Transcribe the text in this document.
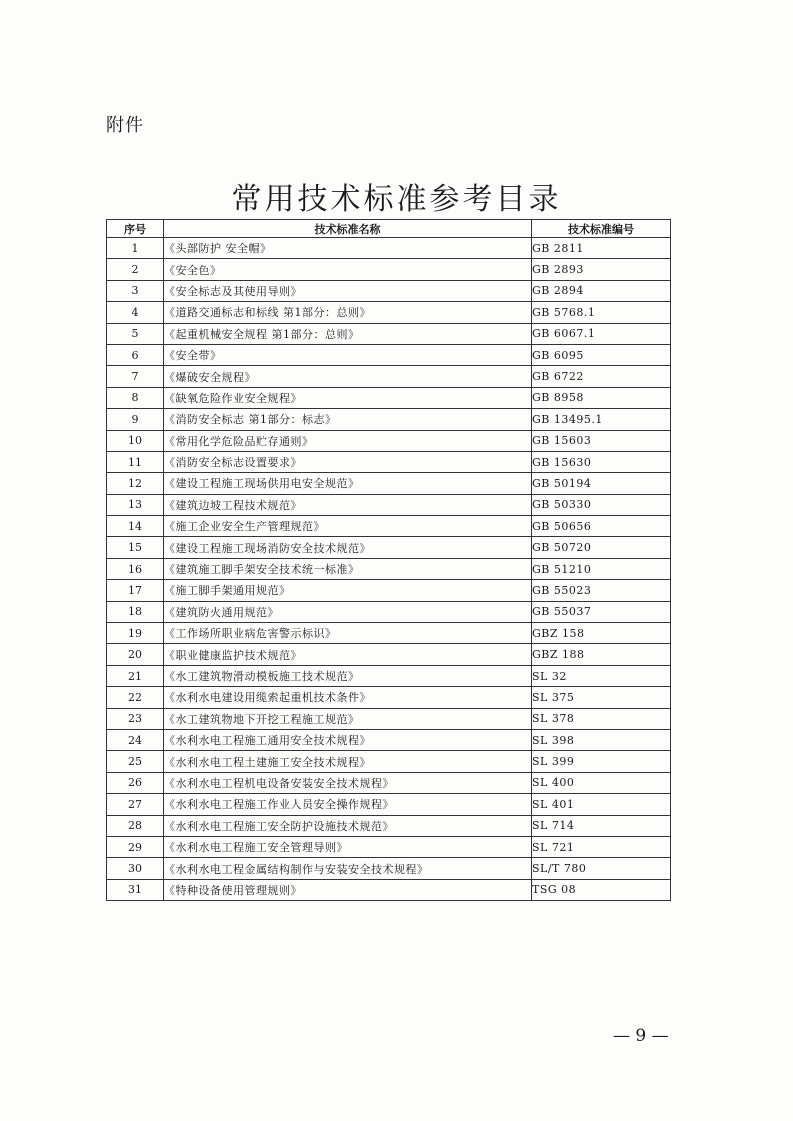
附件
常用技术标准参考目录
序号	技术标准名称	技术标准编号
1	《头部防护 安全帽》	GB 2811
2	《安全色》	GB 2893
3	《安全标志及其使用导则》	GB 2894
4	《道路交通标志和标线 第1部分：总则》	GB 5768.1
5	《起重机械安全规程 第1部分：总则》	GB 6067.1
6	《安全带》	GB 6095
7	《爆破安全规程》	GB 6722
8	《缺氧危险作业安全规程》	GB 8958
9	《消防安全标志 第1部分：标志》	GB 13495.1
10	《常用化学危险品贮存通则》	GB 15603
11	《消防安全标志设置要求》	GB 15630
12	《建设工程施工现场供用电安全规范》	GB 50194
13	《建筑边坡工程技术规范》	GB 50330
14	《施工企业安全生产管理规范》	GB 50656
15	《建设工程施工现场消防安全技术规范》	GB 50720
16	《建筑施工脚手架安全技术统一标准》	GB 51210
17	《施工脚手架通用规范》	GB 55023
18	《建筑防火通用规范》	GB 55037
19	《工作场所职业病危害警示标识》	GBZ 158
20	《职业健康监护技术规范》	GBZ 188
21	《水工建筑物滑动模板施工技术规范》	SL 32
22	《水利水电建设用缆索起重机技术条件》	SL 375
23	《水工建筑物地下开挖工程施工规范》	SL 378
24	《水利水电工程施工通用安全技术规程》	SL 398
25	《水利水电工程土建施工安全技术规程》	SL 399
26	《水利水电工程机电设备安装安全技术规程》	SL 400
27	《水利水电工程施工作业人员安全操作规程》	SL 401
28	《水利水电工程施工安全防护设施技术规范》	SL 714
29	《水利水电工程施工安全管理导则》	SL 721
30	《水利水电工程金属结构制作与安装安全技术规程》	SL/T 780
31	《特种设备使用管理规则》	TSG 08
— 9 —
